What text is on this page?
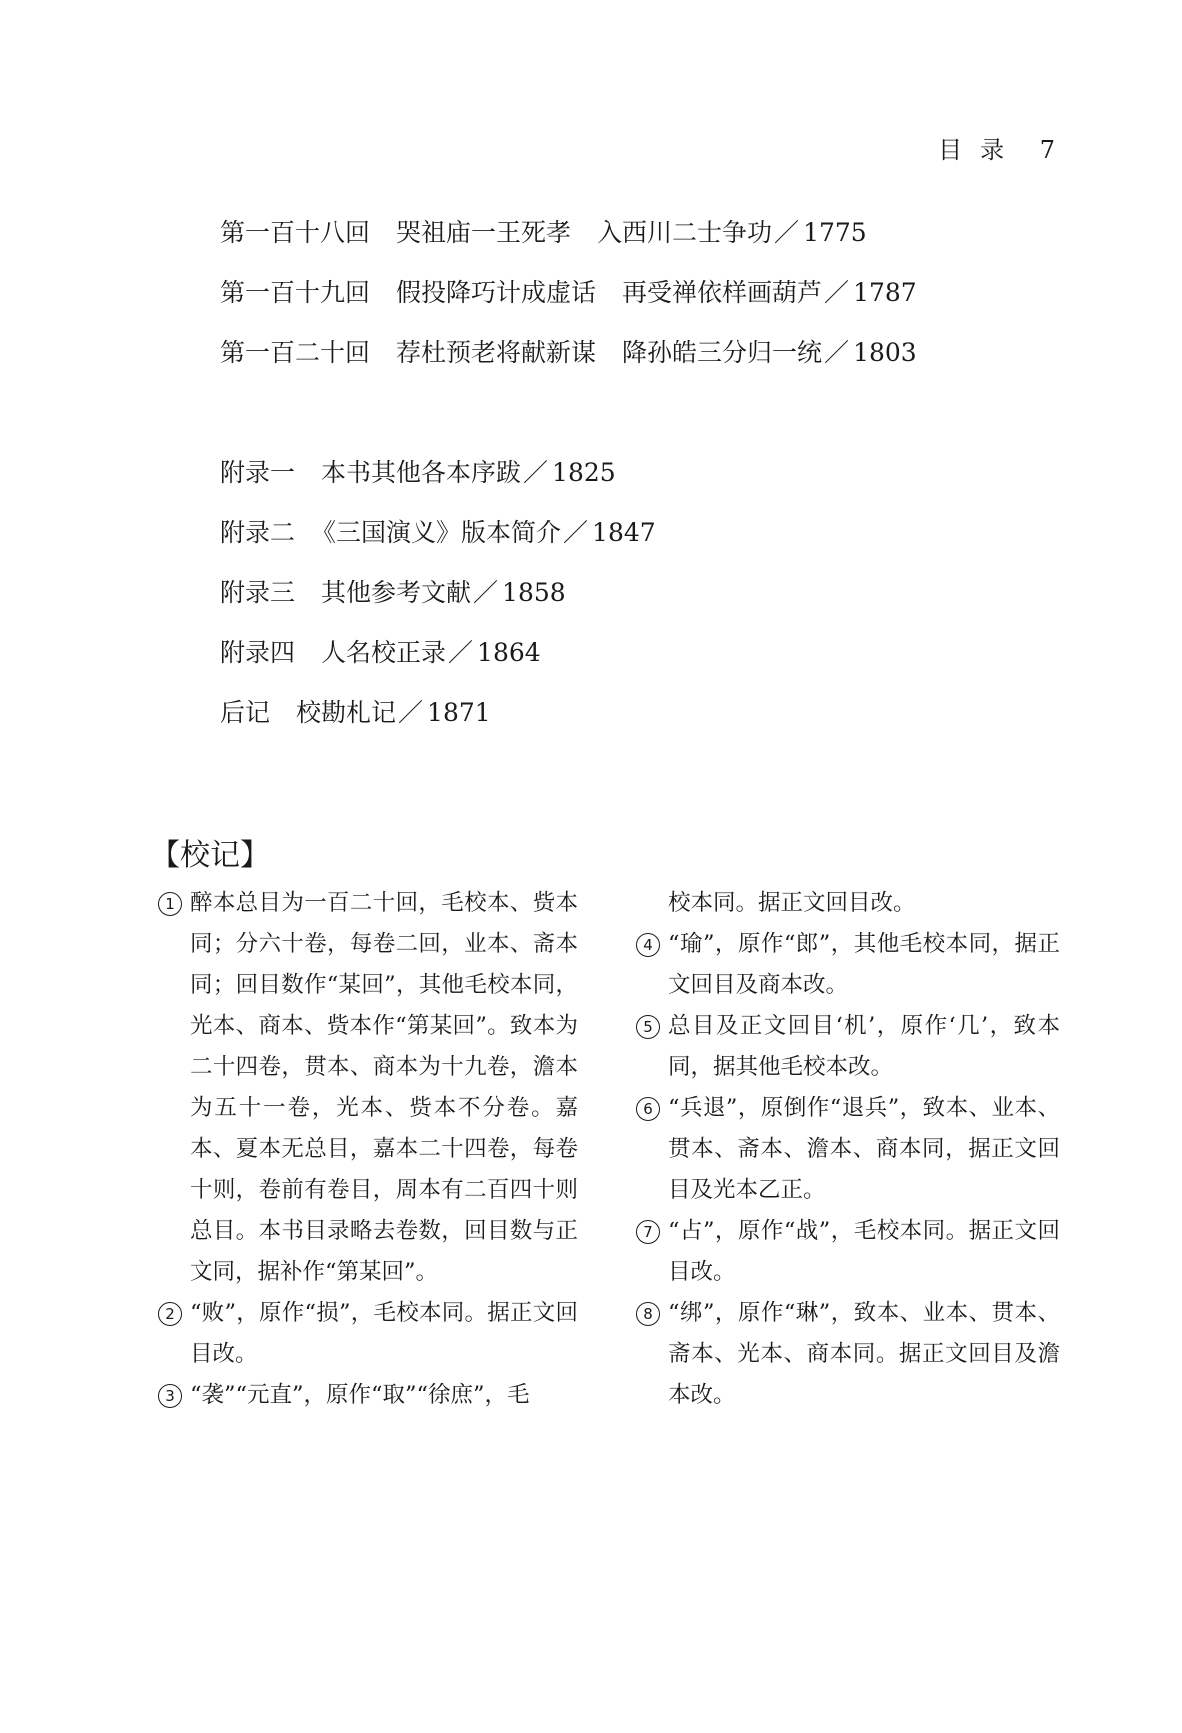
目录 7
第一百十八回 哭祖庙一王死孝 入西川二士争功／ 1775
第一百十九回 假投降巧计成虚话 再受禅依样画葫芦／ 1787
第一百二十回 荐杜预老将献新谋 降孙皓三分归一统／ 1803
附录一 本书其他各本序跋／ 1825
附录二 《三国演义》版本简介／ 1847
附录三 其他参考文献／ 1858
附录四 人名校正录／ 1864
后记 校勘札记／ 1871
【校记】
1 醉本总目为一百二十回，毛校本、赀本同；分六十卷，每卷二回，业本、斋本同；回目数作“某回”，其他毛校本同，光本、商本、赀本作“第某回”。致本为二十四卷，贯本、商本为十九卷，澹本为五十一卷，光本、赀本不分卷。嘉本、夏本无总目，嘉本二十四卷，每卷十则，卷前有卷目，周本有二百四十则总目。本书目录略去卷数，回目数与正文同，据补作“第某回”。
2 “败”，原作“损”，毛校本同。据正文回目改。
3 “袭”“元直”，原作“取”“徐庶”，毛
校本同。据正文回目改。
4 “瑜”，原作“郎”，其他毛校本同，据正文回目及商本改。
5 总目及正文回目‘机’，原作‘几’，致本同，据其他毛校本改。
6 “兵退”，原倒作“退兵”，致本、业本、贯本、斋本、澹本、商本同，据正文回目及光本乙正。
7 “占”，原作“战”，毛校本同。据正文回目改。
8 “绑”，原作“琳”，致本、业本、贯本、斋本、光本、商本同。据正文回目及澹本改。
